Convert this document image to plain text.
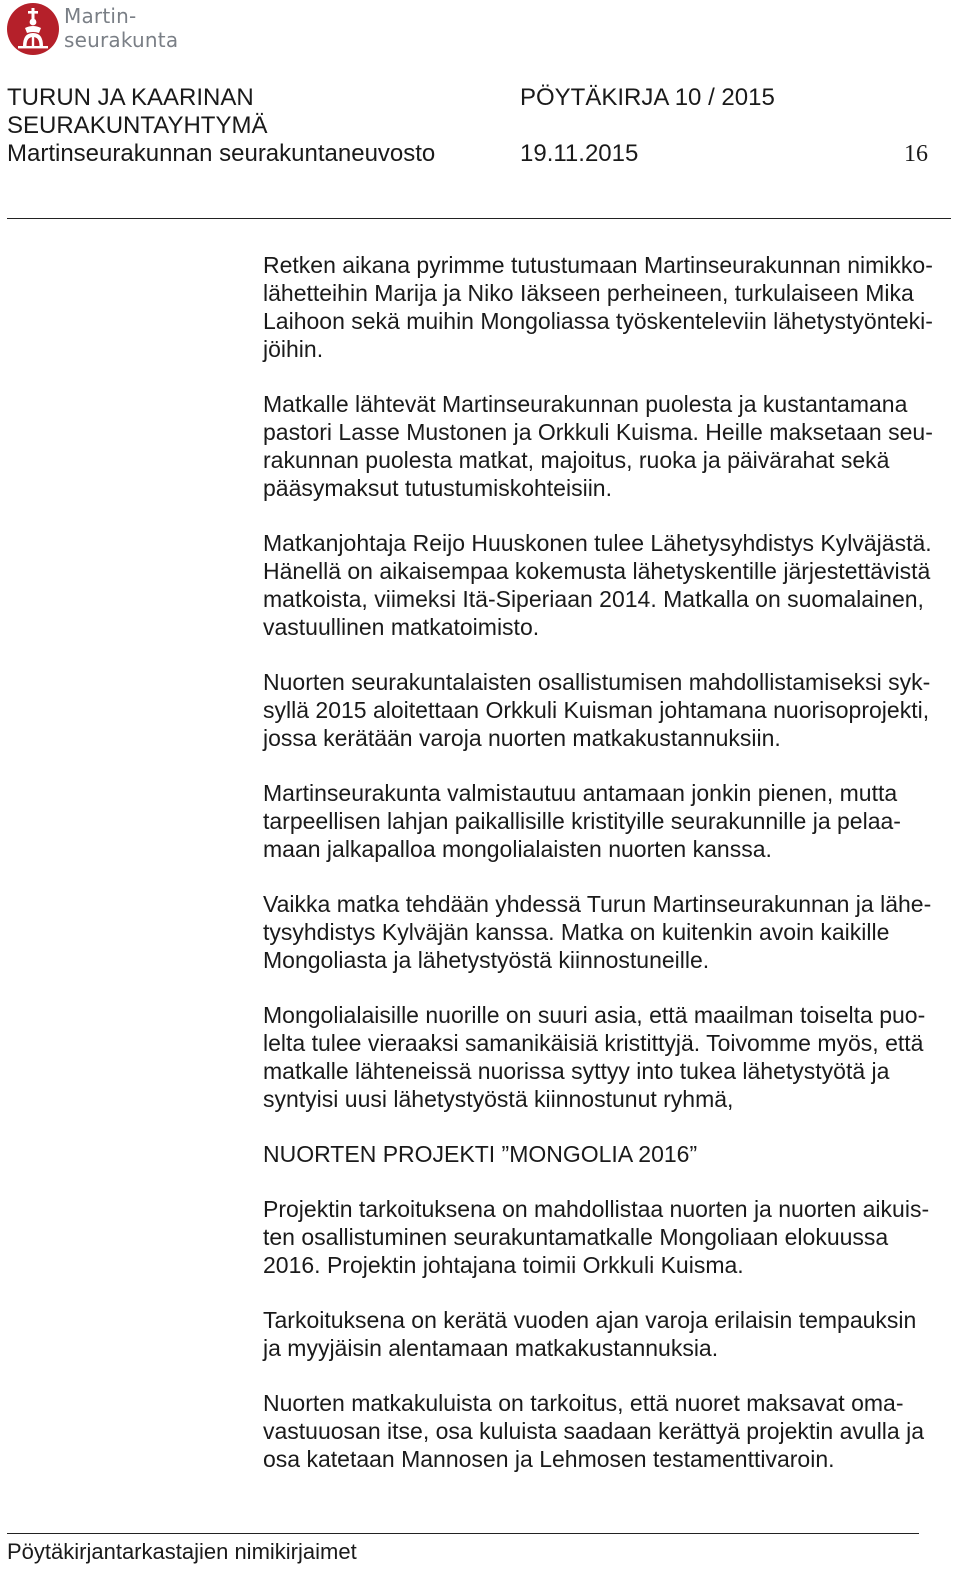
Martin-
seurakunta
TURUN JA KAARINAN
SEURAKUNTAYHTYMÄ
Martinseurakunnan seurakuntaneuvosto
PÖYTÄKIRJA 10 / 2015
19.11.2015	16

Retken aikana pyrimme tutustumaan Martinseurakunnan nimikko-
lähetteihin Marija ja Niko Iäkseen perheineen, turkulaiseen Mika
Laihoon sekä muihin Mongoliassa työskenteleviin lähetystyönteki-
jöihin.

Matkalle lähtevät Martinseurakunnan puolesta ja kustantamana
pastori Lasse Mustonen ja Orkkuli Kuisma. Heille maksetaan seu-
rakunnan puolesta matkat, majoitus, ruoka ja päivärahat sekä
pääsymaksut tutustumiskohteisiin.

Matkanjohtaja Reijo Huuskonen tulee Lähetysyhdistys Kylväjästä.
Hänellä on aikaisempaa kokemusta lähetyskentille järjestettävistä
matkoista, viimeksi Itä-Siperiaan 2014. Matkalla on suomalainen,
vastuullinen matkatoimisto.

Nuorten seurakuntalaisten osallistumisen mahdollistamiseksi syk-
syllä 2015 aloitettaan Orkkuli Kuisman johtamana nuorisoprojekti,
jossa kerätään varoja nuorten matkakustannuksiin.

Martinseurakunta valmistautuu antamaan jonkin pienen, mutta
tarpeellisen lahjan paikallisille kristityille seurakunnille ja pelaa-
maan jalkapalloa mongolialaisten nuorten kanssa.

Vaikka matka tehdään yhdessä Turun Martinseurakunnan ja lähe-
tysyhdistys Kylväjän kanssa. Matka on kuitenkin avoin kaikille
Mongoliasta ja lähetystyöstä kiinnostuneille.

Mongolialaisille nuorille on suuri asia, että maailman toiselta puo-
lelta tulee vieraaksi samanikäisiä kristittyjä. Toivomme myös, että
matkalle lähteneissä nuorissa syttyy into tukea lähetystyötä ja
syntyisi uusi lähetystyöstä kiinnostunut ryhmä,

NUORTEN PROJEKTI ”MONGOLIA 2016”

Projektin tarkoituksena on mahdollistaa nuorten ja nuorten aikuis-
ten osallistuminen seurakuntamatkalle Mongoliaan elokuussa
2016. Projektin johtajana toimii Orkkuli Kuisma.

Tarkoituksena on kerätä vuoden ajan varoja erilaisin tempauksin
ja myyjäisin alentamaan matkakustannuksia.

Nuorten matkakuluista on tarkoitus, että nuoret maksavat oma-
vastuuosan itse, osa kuluista saadaan kerättyä projektin avulla ja
osa katetaan Mannosen ja Lehmosen testamenttivaroin.

Pöytäkirjantarkastajien nimikirjaimet
